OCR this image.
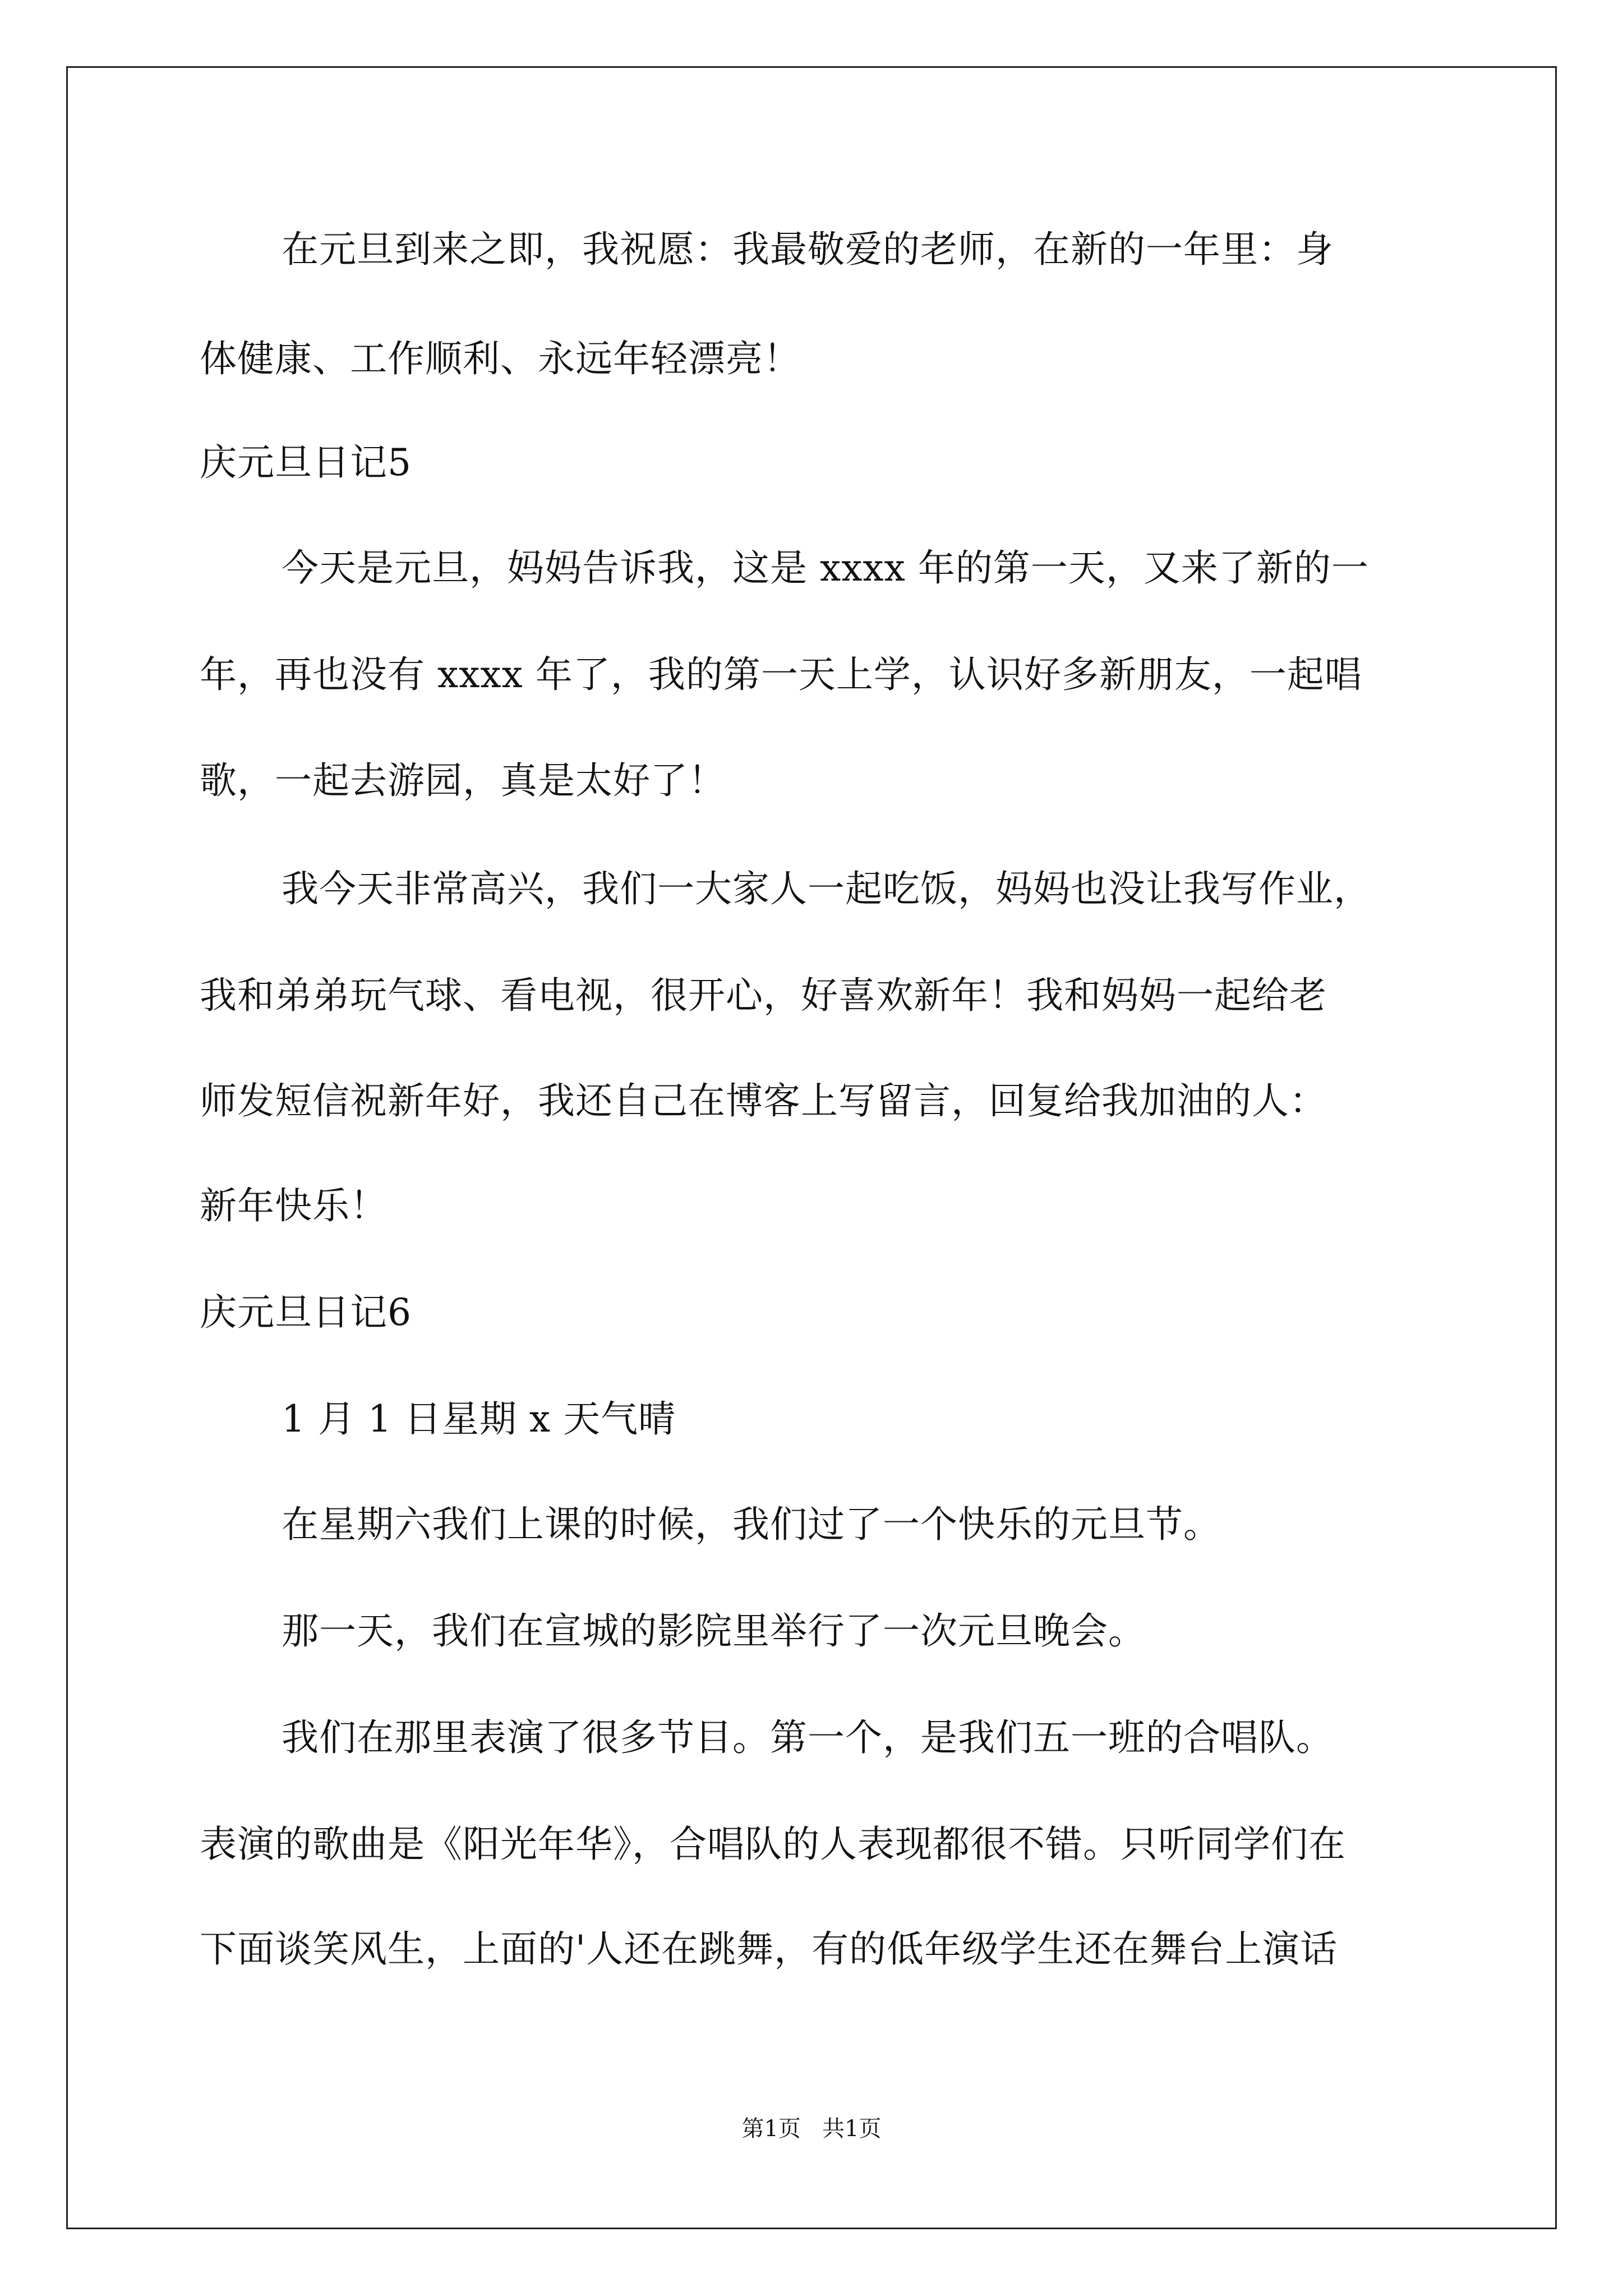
在元旦到来之即，我祝愿：我最敬爱的老师，在新的一年里：身
体健康、工作顺利、永远年轻漂亮！
庆元旦日记5
今天是元旦，妈妈告诉我，这是 xxxx 年的第一天，又来了新的一
年，再也没有 xxxx 年了，我的第一天上学，认识好多新朋友，一起唱
歌，一起去游园，真是太好了！
我今天非常高兴，我们一大家人一起吃饭，妈妈也没让我写作业，
我和弟弟玩气球、看电视，很开心，好喜欢新年！我和妈妈一起给老
师发短信祝新年好，我还自己在博客上写留言，回复给我加油的人：
新年快乐！
庆元旦日记6
1 月 1 日星期 x 天气晴
在星期六我们上课的时候，我们过了一个快乐的元旦节。
那一天，我们在宣城的影院里举行了一次元旦晚会。
我们在那里表演了很多节目。第一个，是我们五一班的合唱队。
表演的歌曲是《阳光年华》，合唱队的人表现都很不错。只听同学们在
下面谈笑风生，上面的'人还在跳舞，有的低年级学生还在舞台上演话
第1页   共1页
